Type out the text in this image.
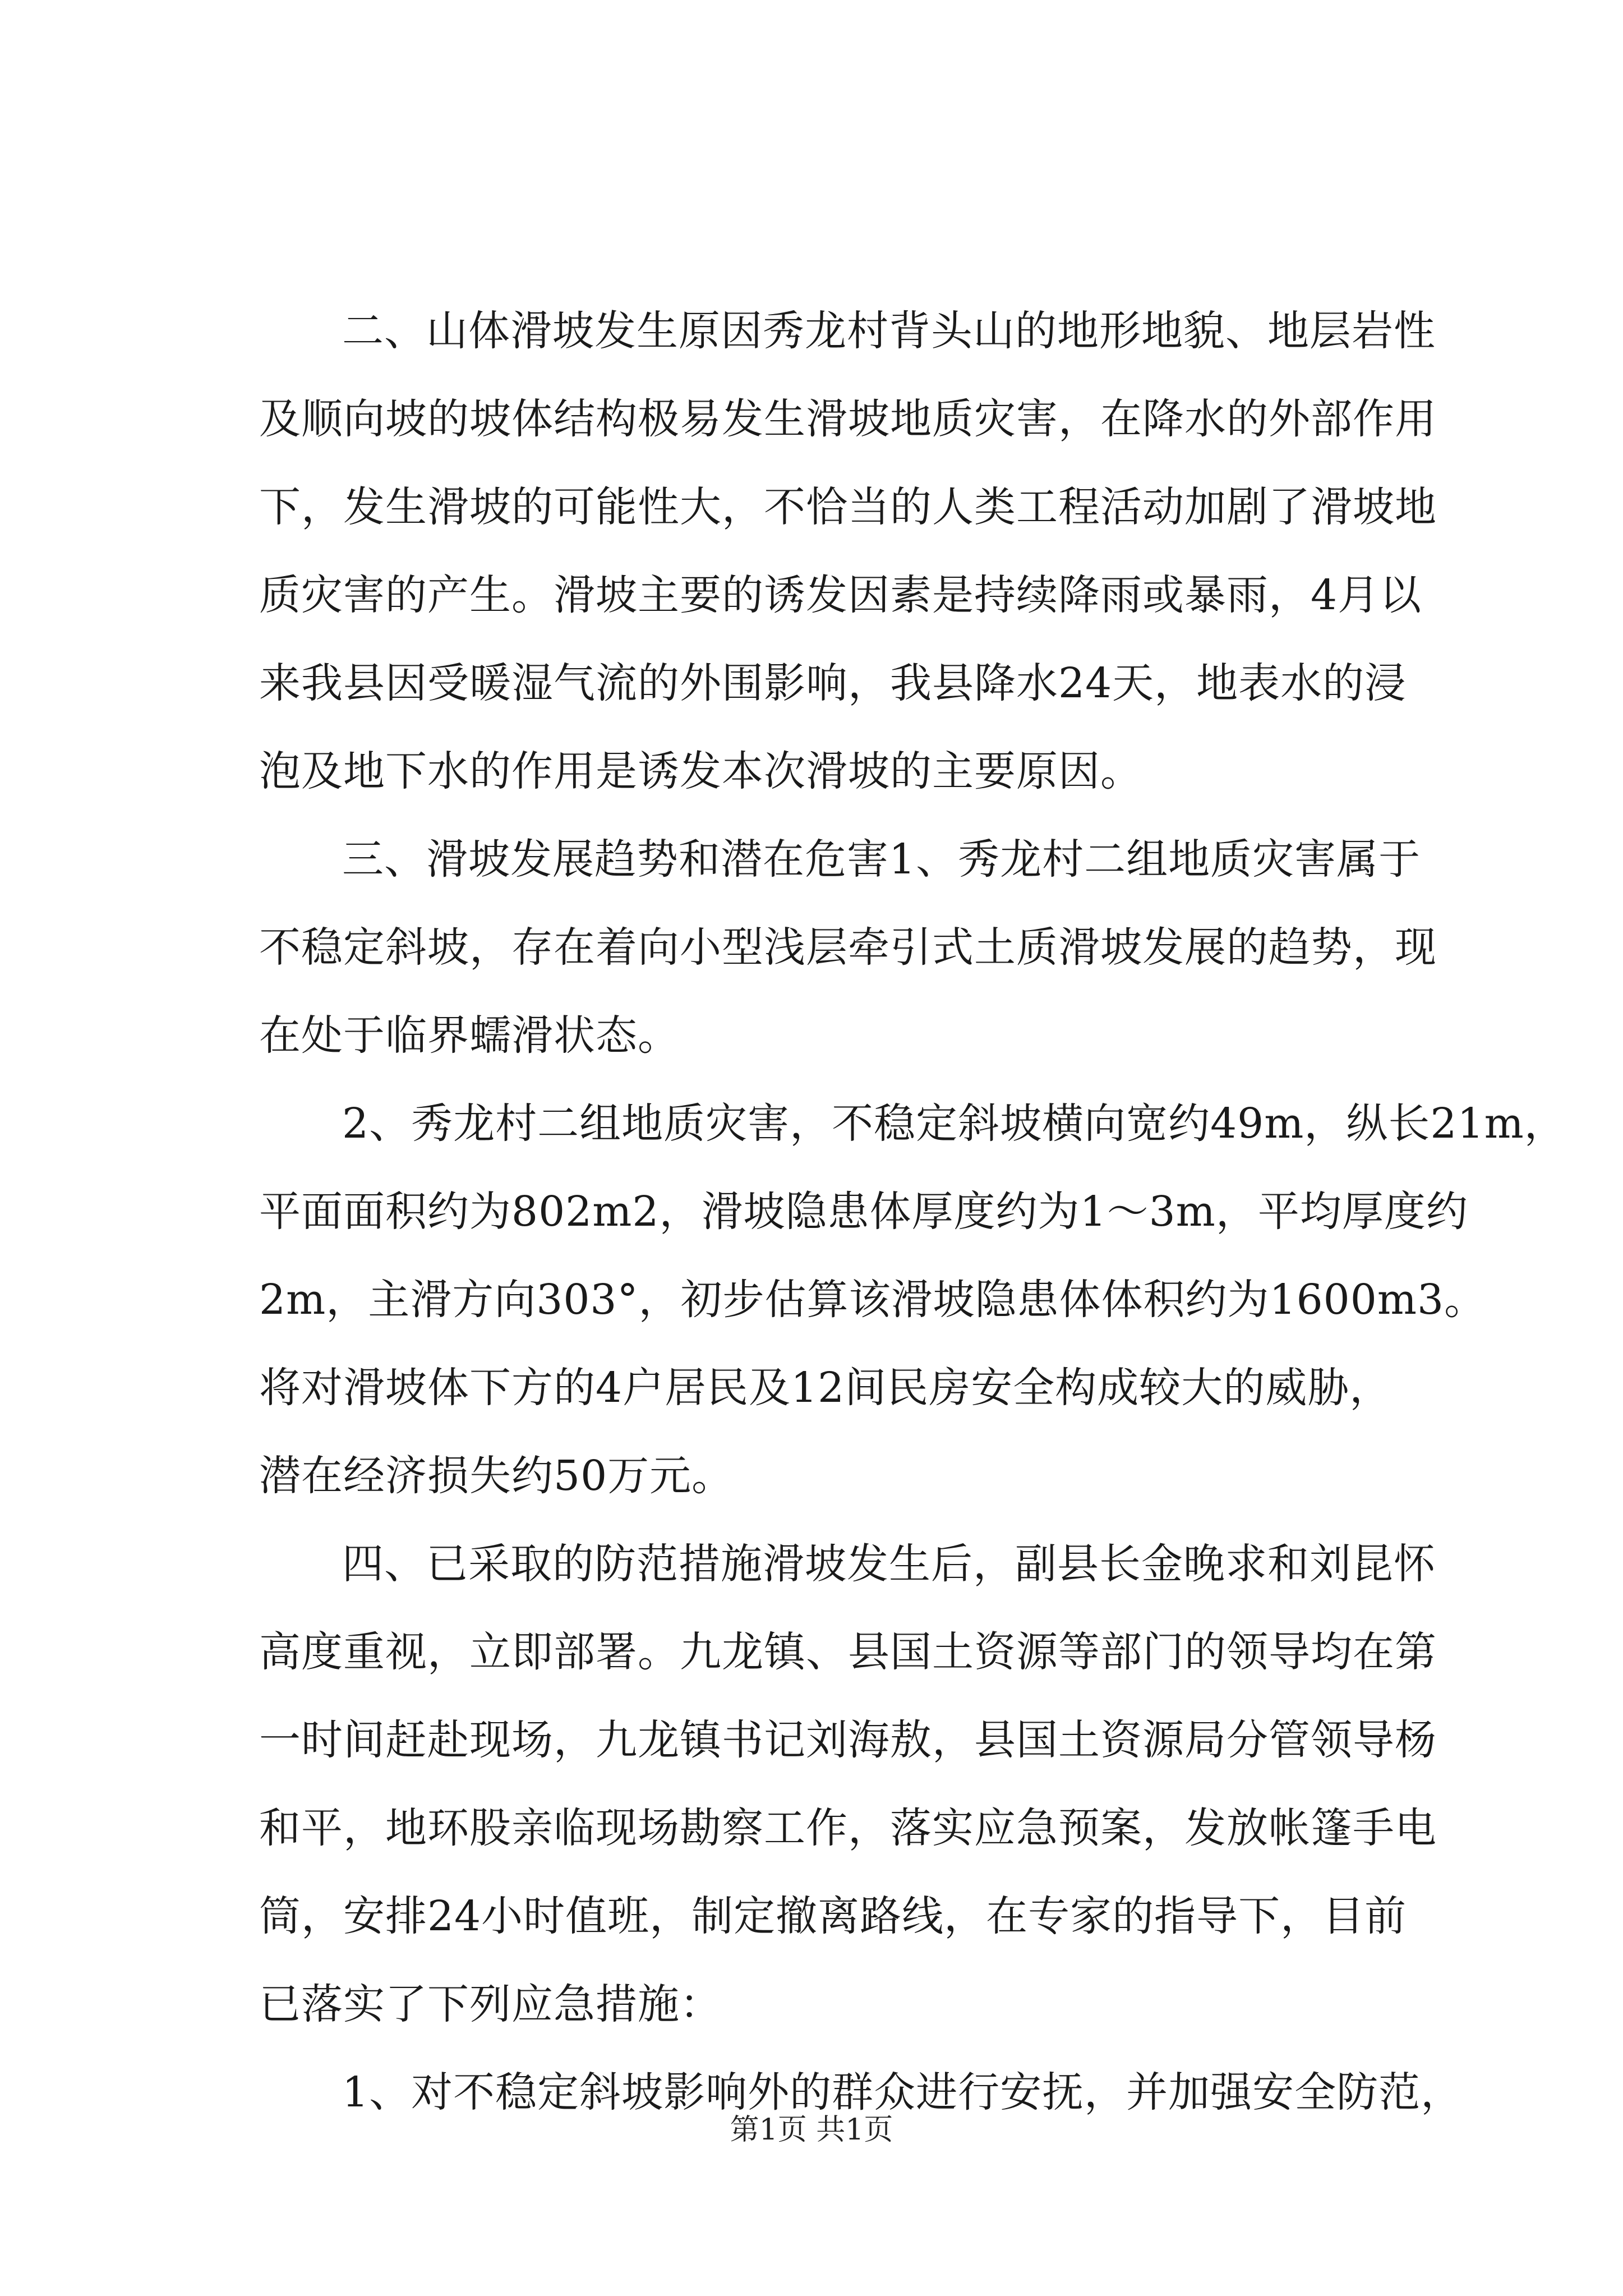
二、山体滑坡发生原因秀龙村背头山的地形地貌、地层岩性
及顺向坡的坡体结构极易发生滑坡地质灾害，在降水的外部作用
下，发生滑坡的可能性大，不恰当的人类工程活动加剧了滑坡地
质灾害的产生。滑坡主要的诱发因素是持续降雨或暴雨，4月以
来我县因受暖湿气流的外围影响，我县降水24天，地表水的浸
泡及地下水的作用是诱发本次滑坡的主要原因。
三、滑坡发展趋势和潜在危害1、秀龙村二组地质灾害属于
不稳定斜坡，存在着向小型浅层牵引式土质滑坡发展的趋势，现
在处于临界蠕滑状态。
2、秀龙村二组地质灾害，不稳定斜坡横向宽约49m，纵长21m，
平面面积约为802m2，滑坡隐患体厚度约为1～3m，平均厚度约
2m，主滑方向303°，初步估算该滑坡隐患体体积约为1600m3。
将对滑坡体下方的4户居民及12间民房安全构成较大的威胁，
潜在经济损失约50万元。
四、已采取的防范措施滑坡发生后，副县长金晚求和刘昆怀
高度重视，立即部署。九龙镇、县国土资源等部门的领导均在第
一时间赶赴现场，九龙镇书记刘海敖，县国土资源局分管领导杨
和平，地环股亲临现场勘察工作，落实应急预案，发放帐篷手电
筒，安排24小时值班，制定撤离路线，在专家的指导下，目前
已落实了下列应急措施：
1、对不稳定斜坡影响外的群众进行安抚，并加强安全防范，
第1页 共1页
